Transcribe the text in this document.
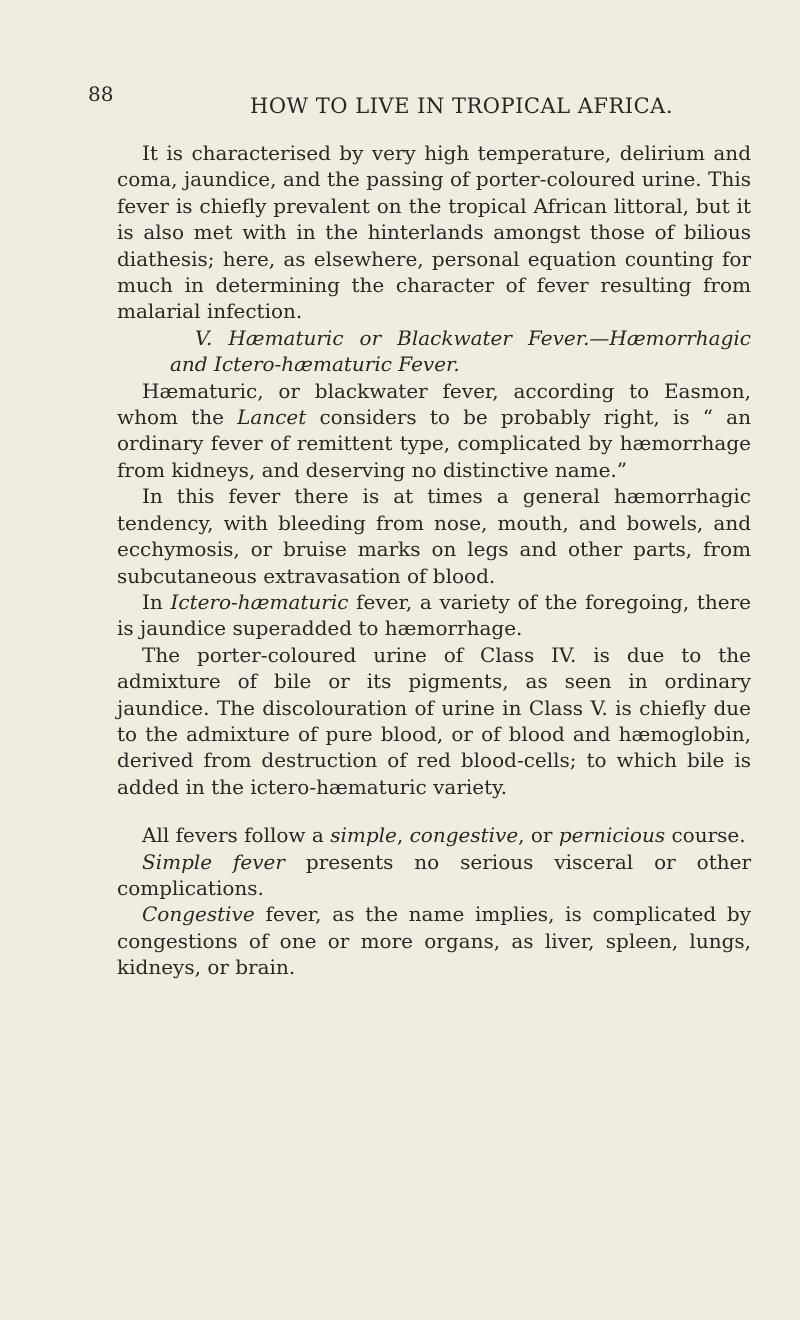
88	HOW TO LIVE IN TROPICAL AFRICA.

It is characterised by very high temperature, delirium and coma, jaundice, and the passing of porter-coloured urine. This fever is chiefly prevalent on the tropical African littoral, but it is also met with in the hinterlands amongst those of bilious diathesis; here, as elsewhere, personal equation counting for much in determining the character of fever resulting from malarial infection.

V. Hæmaturic or Blackwater Fever.—Hæmorrhagic and Ictero-hæmaturic Fever.

Hæmaturic, or blackwater fever, according to Easmon, whom the Lancet considers to be probably right, is “ an ordinary fever of remittent type, complicated by hæmorrhage from kidneys, and deserving no distinctive name.”

In this fever there is at times a general hæmorrhagic tendency, with bleeding from nose, mouth, and bowels, and ecchymosis, or bruise marks on legs and other parts, from subcutaneous extravasation of blood.

In Ictero-hæmaturic fever, a variety of the foregoing, there is jaundice superadded to hæmorrhage.

The porter-coloured urine of Class IV. is due to the admixture of bile or its pigments, as seen in ordinary jaundice. The discolouration of urine in Class V. is chiefly due to the admixture of pure blood, or of blood and hæmoglobin, derived from destruction of red blood-cells; to which bile is added in the ictero-hæmaturic variety.

All fevers follow a simple, congestive, or pernicious course.

Simple fever presents no serious visceral or other complications.

Congestive fever, as the name implies, is complicated by congestions of one or more organs, as liver, spleen, lungs, kidneys, or brain.
